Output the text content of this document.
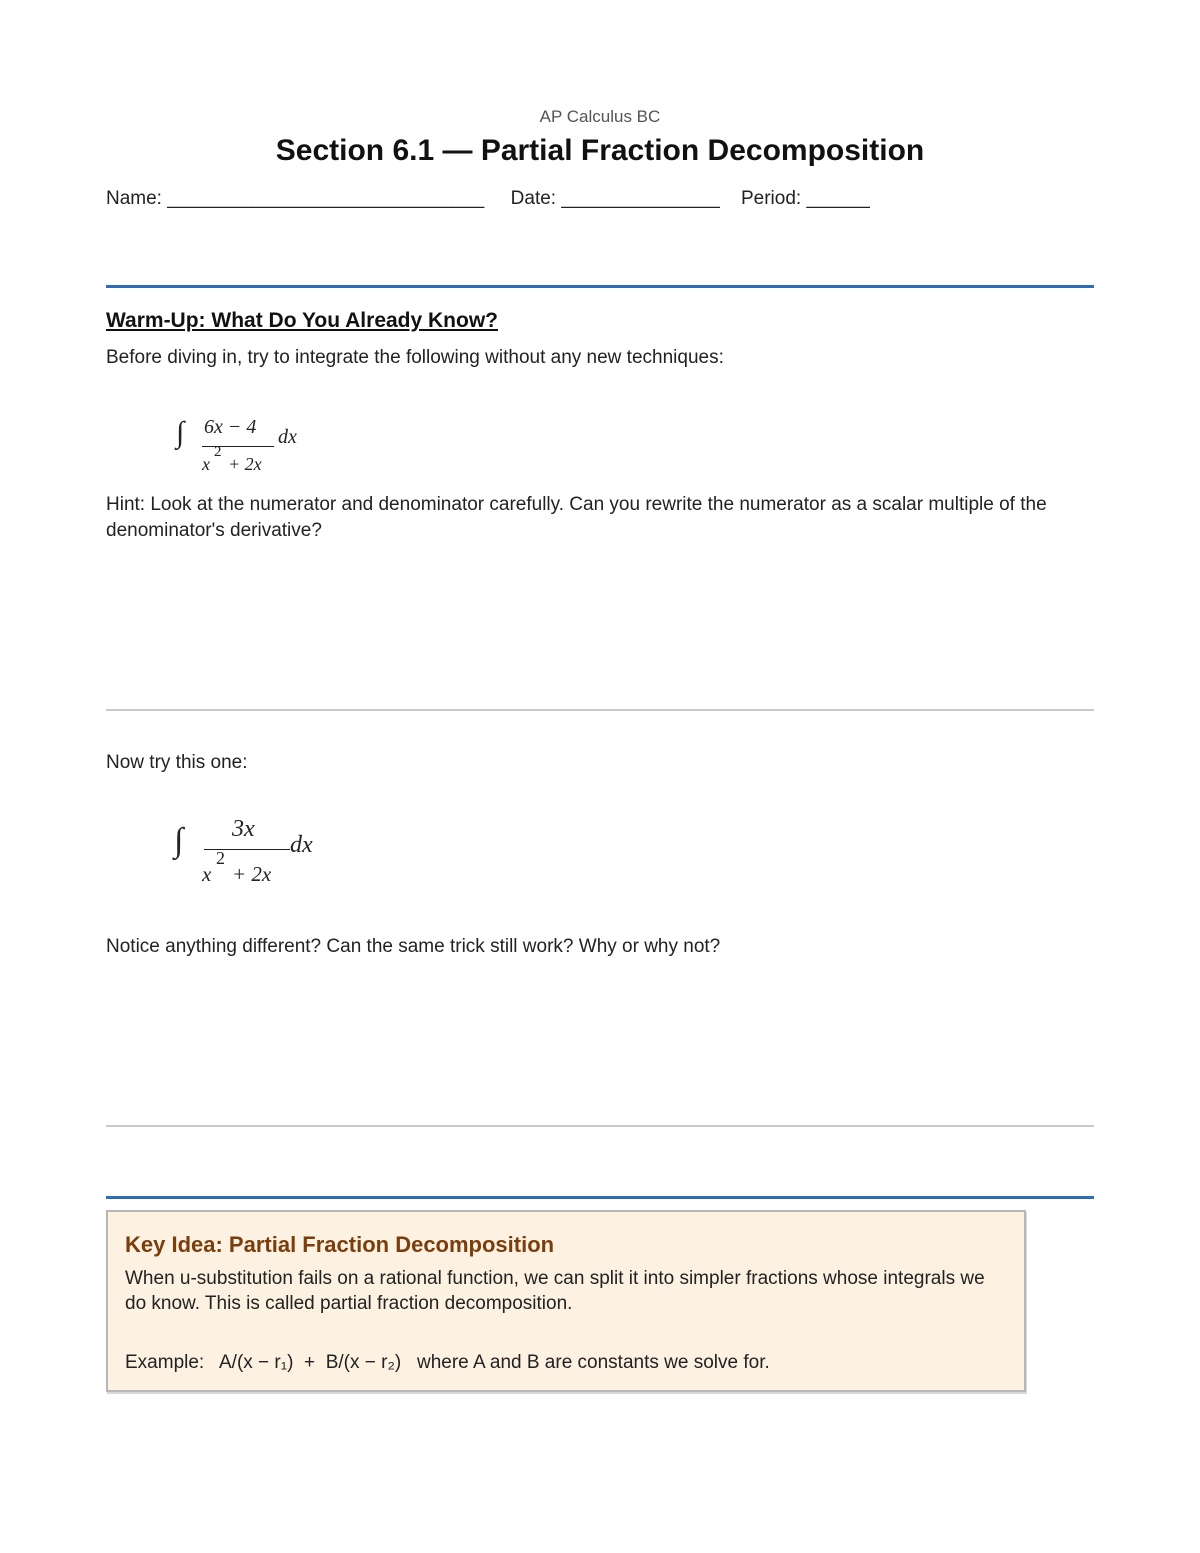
AP Calculus BC
Section 6.1 — Partial Fraction Decomposition
Name: ______________________________ Date: _______________ Period: ______
Warm-Up: What Do You Already Know?
Before diving in, try to integrate the following without any new techniques:
∫ 6x − 4
x
2
+ 2x
dx
Hint: Look at the numerator and denominator carefully. Can you rewrite the numerator as a scalar multiple of the denominator's derivative?
Now try this one:
∫ 3x
x
2
+ 2x
dx
Notice anything different? Can the same trick still work? Why or why not?
Key Idea: Partial Fraction Decomposition
When u-substitution fails on a rational function, we can split it into simpler fractions whose integrals we do know. This is called partial fraction decomposition.
Example:   A/(x − r₁)  +  B/(x − r₂)   where A and B are constants we solve for.
